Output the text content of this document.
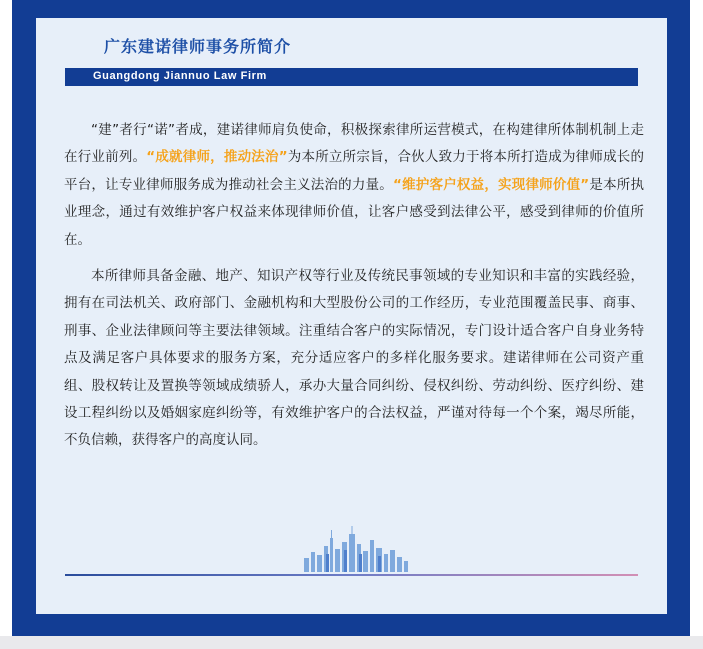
广东建诺律师事务所简介
Guangdong Jiannuo Law Firm

“建”者行“诺”者成，建诺律师肩负使命，积极探索律所运营模式，在构建律所体制机制上走在行业前列。“成就律师，推动法治”为本所立所宗旨，合伙人致力于将本所打造成为律师成长的平台，让专业律师服务成为推动社会主义法治的力量。“维护客户权益，实现律师价值”是本所执业理念，通过有效维护客户权益来体现律师价值，让客户感受到法律公平，感受到律师的价值所在。

本所律师具备金融、地产、知识产权等行业及传统民事领域的专业知识和丰富的实践经验，拥有在司法机关、政府部门、金融机构和大型股份公司的工作经历，专业范围覆盖民事、商事、刑事、企业法律顾问等主要法律领域。注重结合客户的实际情况，专门设计适合客户自身业务特点及满足客户具体要求的服务方案，充分适应客户的多样化服务要求。建诺律师在公司资产重组、股权转让及置换等领域成绩骄人，承办大量合同纠纷、侵权纠纷、劳动纠纷、医疗纠纷、建设工程纠纷以及婚姻家庭纠纷等，有效维护客户的合法权益，严谨对待每一个个案，竭尽所能，不负信赖，获得客户的高度认同。
